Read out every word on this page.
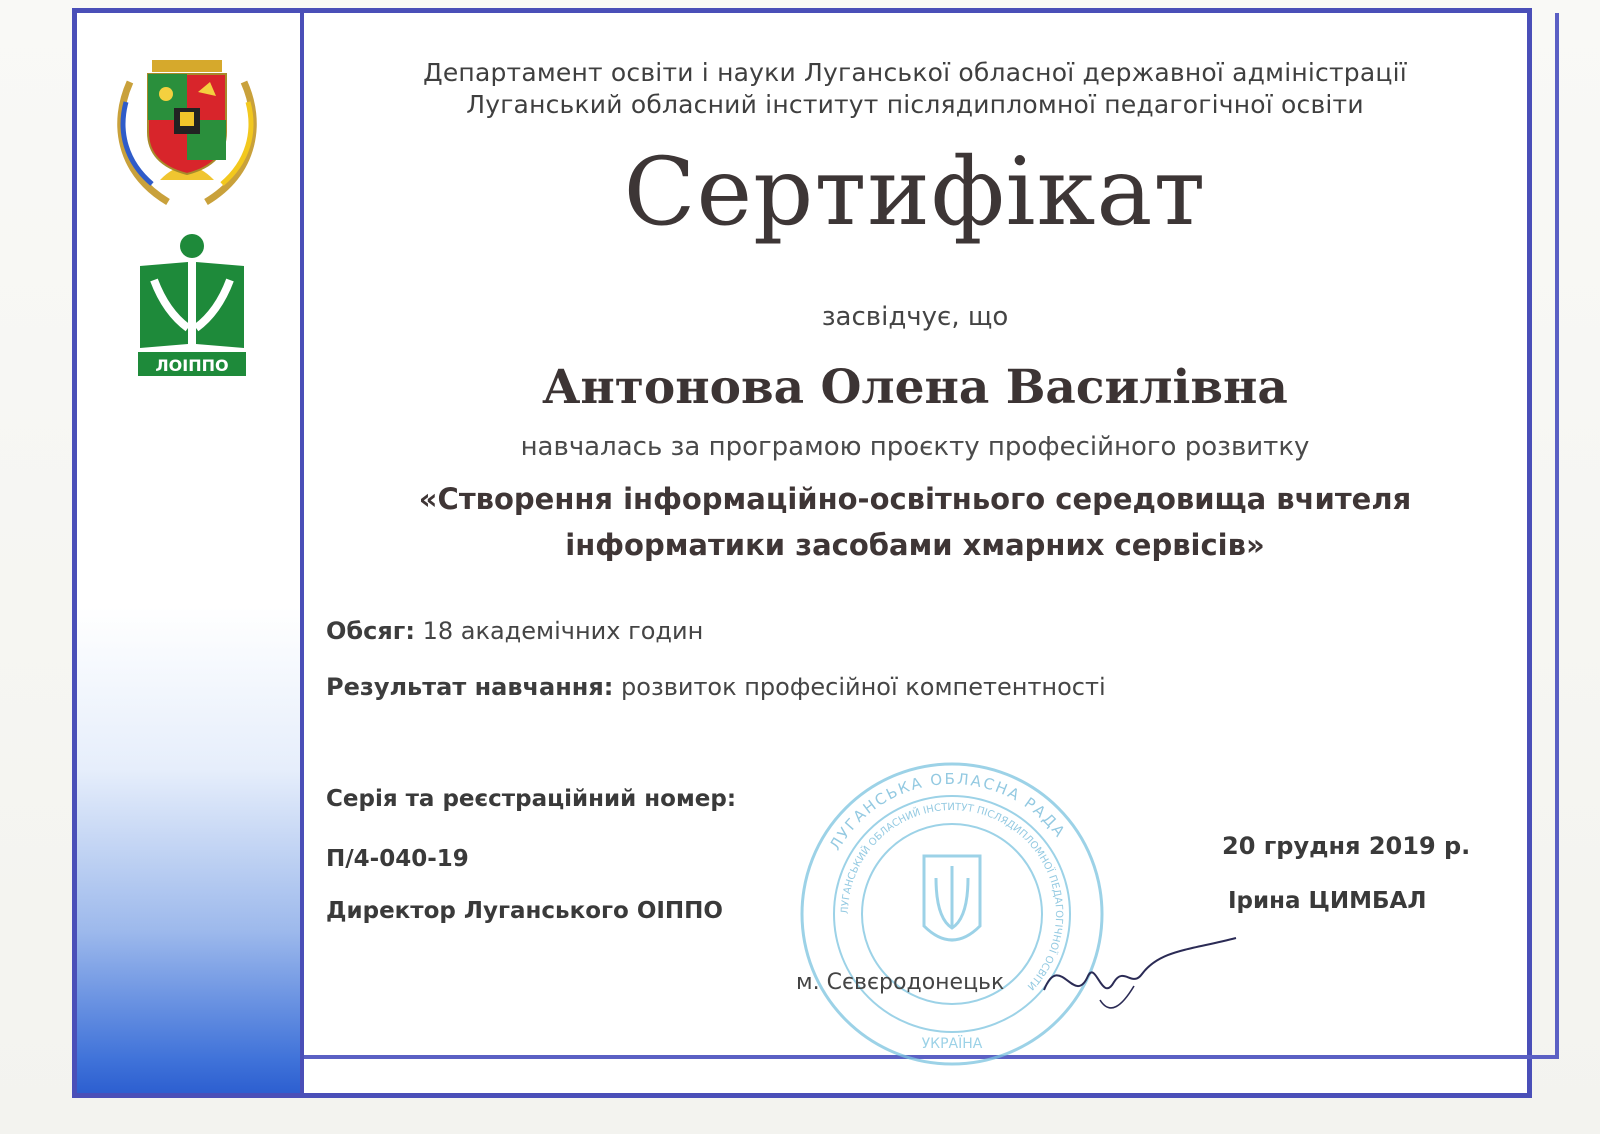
ЛОІППО
Департамент освіти і науки Луганської обласної державної адміністрації
Луганський обласний інститут післядипломної педагогічної освіти
Сертифікат
засвідчує, що
Антонова Олена Василівна
навчалась за програмою проєкту професійного розвитку
«Створення інформаційно-освітнього середовища вчителя
інформатики засобами хмарних сервісів»
Обсяг: 18 академічних годин
Результат навчання: розвиток професійної компетентності
Серія та реєстраційний номер:
П/4-040-19
Директор Луганського ОІППО
ЛУГАНСЬКА ОБЛАСНА РАДА
ЛУГАНСЬКИЙ ОБЛАСНИЙ ІНСТИТУТ ПІСЛЯДИПЛОМНОЇ ПЕДАГОГІЧНОЇ ОСВІТИ
УКРАЇНА
м. Сєвєродонецьк
20 грудня 2019 р.
Ірина ЦИМБАЛ
